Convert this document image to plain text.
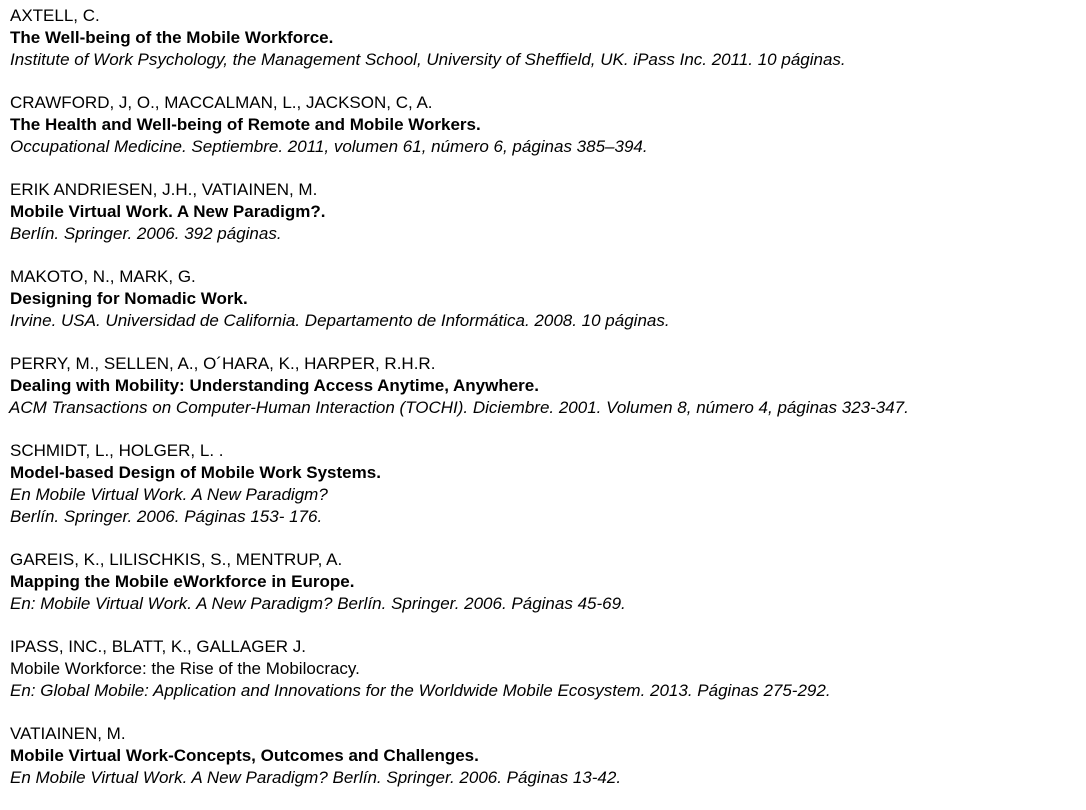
AXTELL, C.
The Well-being of the Mobile Workforce.
Institute of Work Psychology, the Management School, University of Sheffield, UK. iPass Inc. 2011. 10 páginas.
CRAWFORD, J, O., MACCALMAN, L., JACKSON, C, A.
The Health and Well-being of Remote and Mobile Workers.
Occupational Medicine. Septiembre. 2011, volumen 61, número 6, páginas 385–394.
ERIK ANDRIESEN, J.H., VATIAINEN, M.
Mobile Virtual Work. A New Paradigm?.
Berlín. Springer. 2006. 392 páginas.
MAKOTO, N., MARK, G.
Designing for Nomadic Work.
Irvine. USA. Universidad de California. Departamento de Informática. 2008. 10 páginas.
PERRY, M., SELLEN, A., O´HARA, K., HARPER, R.H.R.
Dealing with Mobility: Understanding Access Anytime, Anywhere.
ACM Transactions on Computer-Human Interaction (TOCHI). Diciembre. 2001. Volumen 8, número 4, páginas 323-347.
SCHMIDT, L., HOLGER, L. .
Model-based Design of Mobile Work Systems.
En Mobile Virtual Work. A New Paradigm?
Berlín. Springer. 2006. Páginas 153- 176.
GAREIS, K., LILISCHKIS, S., MENTRUP, A.
Mapping the Mobile eWorkforce in Europe.
En: Mobile Virtual Work. A New Paradigm? Berlín. Springer. 2006. Páginas 45-69.
IPASS, INC., BLATT, K., GALLAGER J.
Mobile Workforce: the Rise of the Mobilocracy.
En: Global Mobile: Application and Innovations for the Worldwide Mobile Ecosystem. 2013. Páginas 275-292.
VATIAINEN, M.
Mobile Virtual Work-Concepts, Outcomes and Challenges.
En Mobile Virtual Work. A New Paradigm? Berlín. Springer. 2006. Páginas 13-42.
